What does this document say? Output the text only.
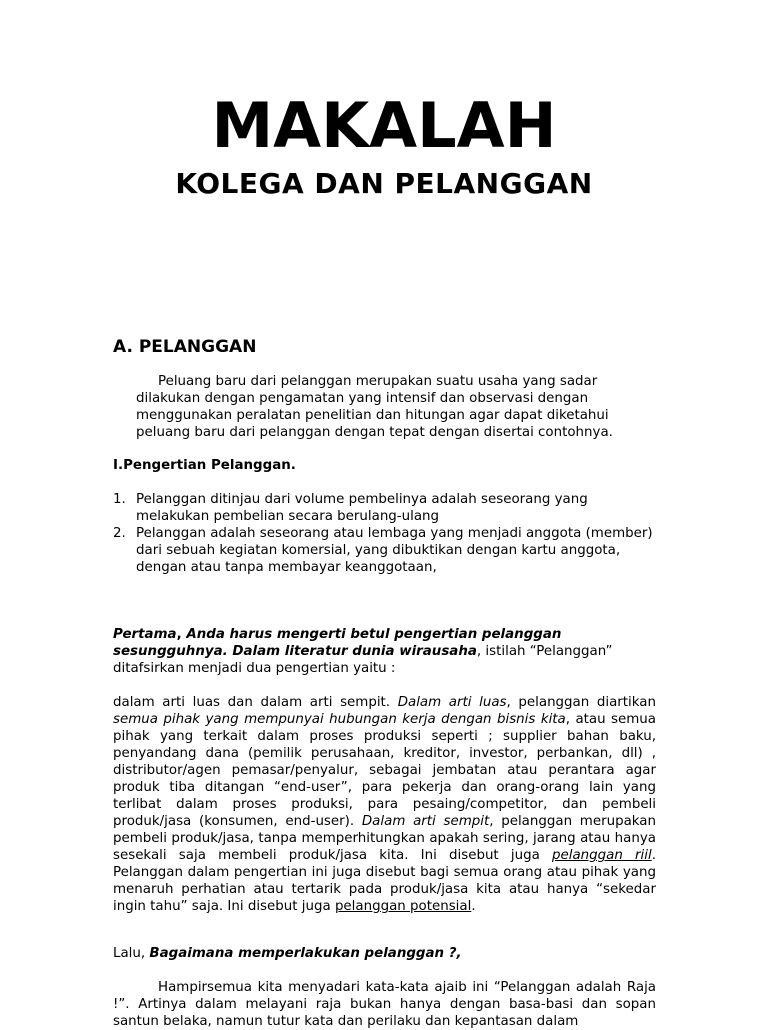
MAKALAH
KOLEGA DAN PELANGGAN
A. PELANGGAN

Peluang baru dari pelanggan merupakan suatu usaha yang sadar dilakukan dengan pengamatan yang intensif dan observasi dengan menggunakan peralatan penelitian dan hitungan agar dapat diketahui peluang baru dari pelanggan dengan tepat dengan disertai contohnya.

I.Pengertian Pelanggan.

1. Pelanggan ditinjau dari volume pembelinya adalah seseorang yang melakukan pembelian secara berulang-ulang
2. Pelanggan adalah seseorang atau lembaga yang menjadi anggota (member) dari sebuah kegiatan komersial, yang dibuktikan dengan kartu anggota, dengan atau tanpa membayar keanggotaan,

Pertama, Anda harus mengerti betul pengertian pelanggan sesungguhnya. Dalam literatur dunia wirausaha, istilah “Pelanggan” ditafsirkan menjadi dua pengertian yaitu :

dalam arti luas dan dalam arti sempit. Dalam arti luas, pelanggan diartikan semua pihak yang mempunyai hubungan kerja dengan bisnis kita, atau semua pihak yang terkait dalam proses produksi seperti ; supplier bahan baku, penyandang dana (pemilik perusahaan, kreditor, investor, perbankan, dll) , distributor/agen pemasar/penyalur, sebagai jembatan atau perantara agar produk tiba ditangan “end-user”, para pekerja dan orang-orang lain yang terlibat dalam proses produksi, para pesaing/competitor, dan pembeli produk/jasa (konsumen, end-user). Dalam arti sempit, pelanggan merupakan pembeli produk/jasa, tanpa memperhitungkan apakah sering, jarang atau hanya sesekali saja membeli produk/jasa kita. Ini disebut juga pelanggan riil. Pelanggan dalam pengertian ini juga disebut bagi semua orang atau pihak yang menaruh perhatian atau tertarik pada produk/jasa kita atau hanya “sekedar ingin tahu” saja. Ini disebut juga pelanggan potensial.

Lalu, Bagaimana memperlakukan pelanggan ?,

Hampirsemua kita menyadari kata-kata ajaib ini “Pelanggan adalah Raja !”. Artinya dalam melayani raja bukan hanya dengan basa-basi dan sopan santun belaka, namun tutur kata dan perilaku dan kepantasan dalam
